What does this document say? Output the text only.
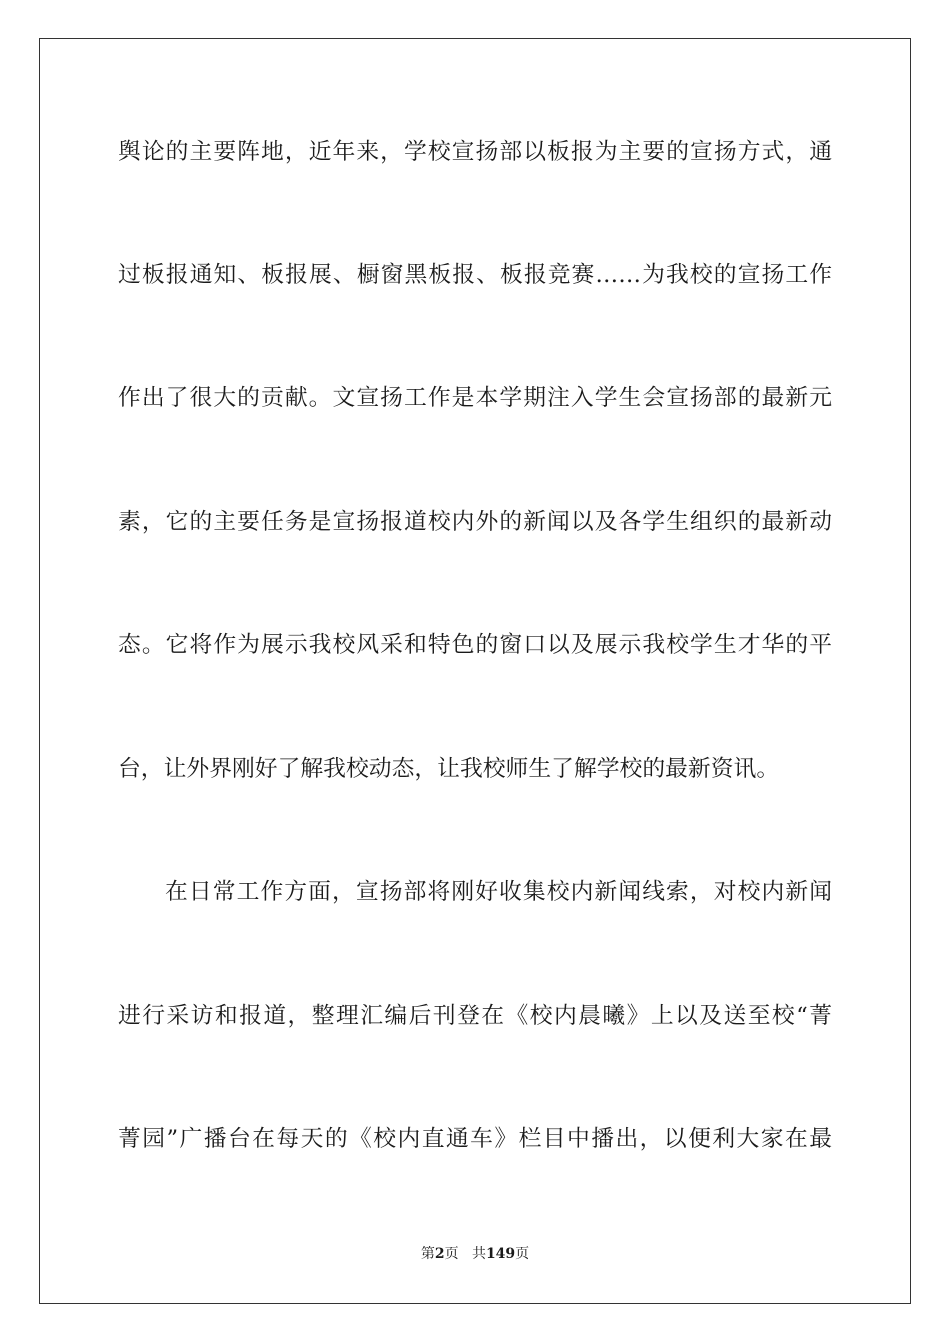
舆论的主要阵地，近年来，学校宣扬部以板报为主要的宣扬方式，通
过板报通知、板报展、橱窗黑板报、板报竞赛……为我校的宣扬工作
作出了很大的贡献。文宣扬工作是本学期注入学生会宣扬部的最新元
素，它的主要任务是宣扬报道校内外的新闻以及各学生组织的最新动
态。它将作为展示我校风采和特色的窗口以及展示我校学生才华的平
台，让外界刚好了解我校动态，让我校师生了解学校的最新资讯。
在日常工作方面，宣扬部将刚好收集校内新闻线索，对校内新闻
进行采访和报道，整理汇编后刊登在《校内晨曦》上以及送至校“菁
菁园”广播台在每天的《校内直通车》栏目中播出，以便利大家在最
第2页 共149页
